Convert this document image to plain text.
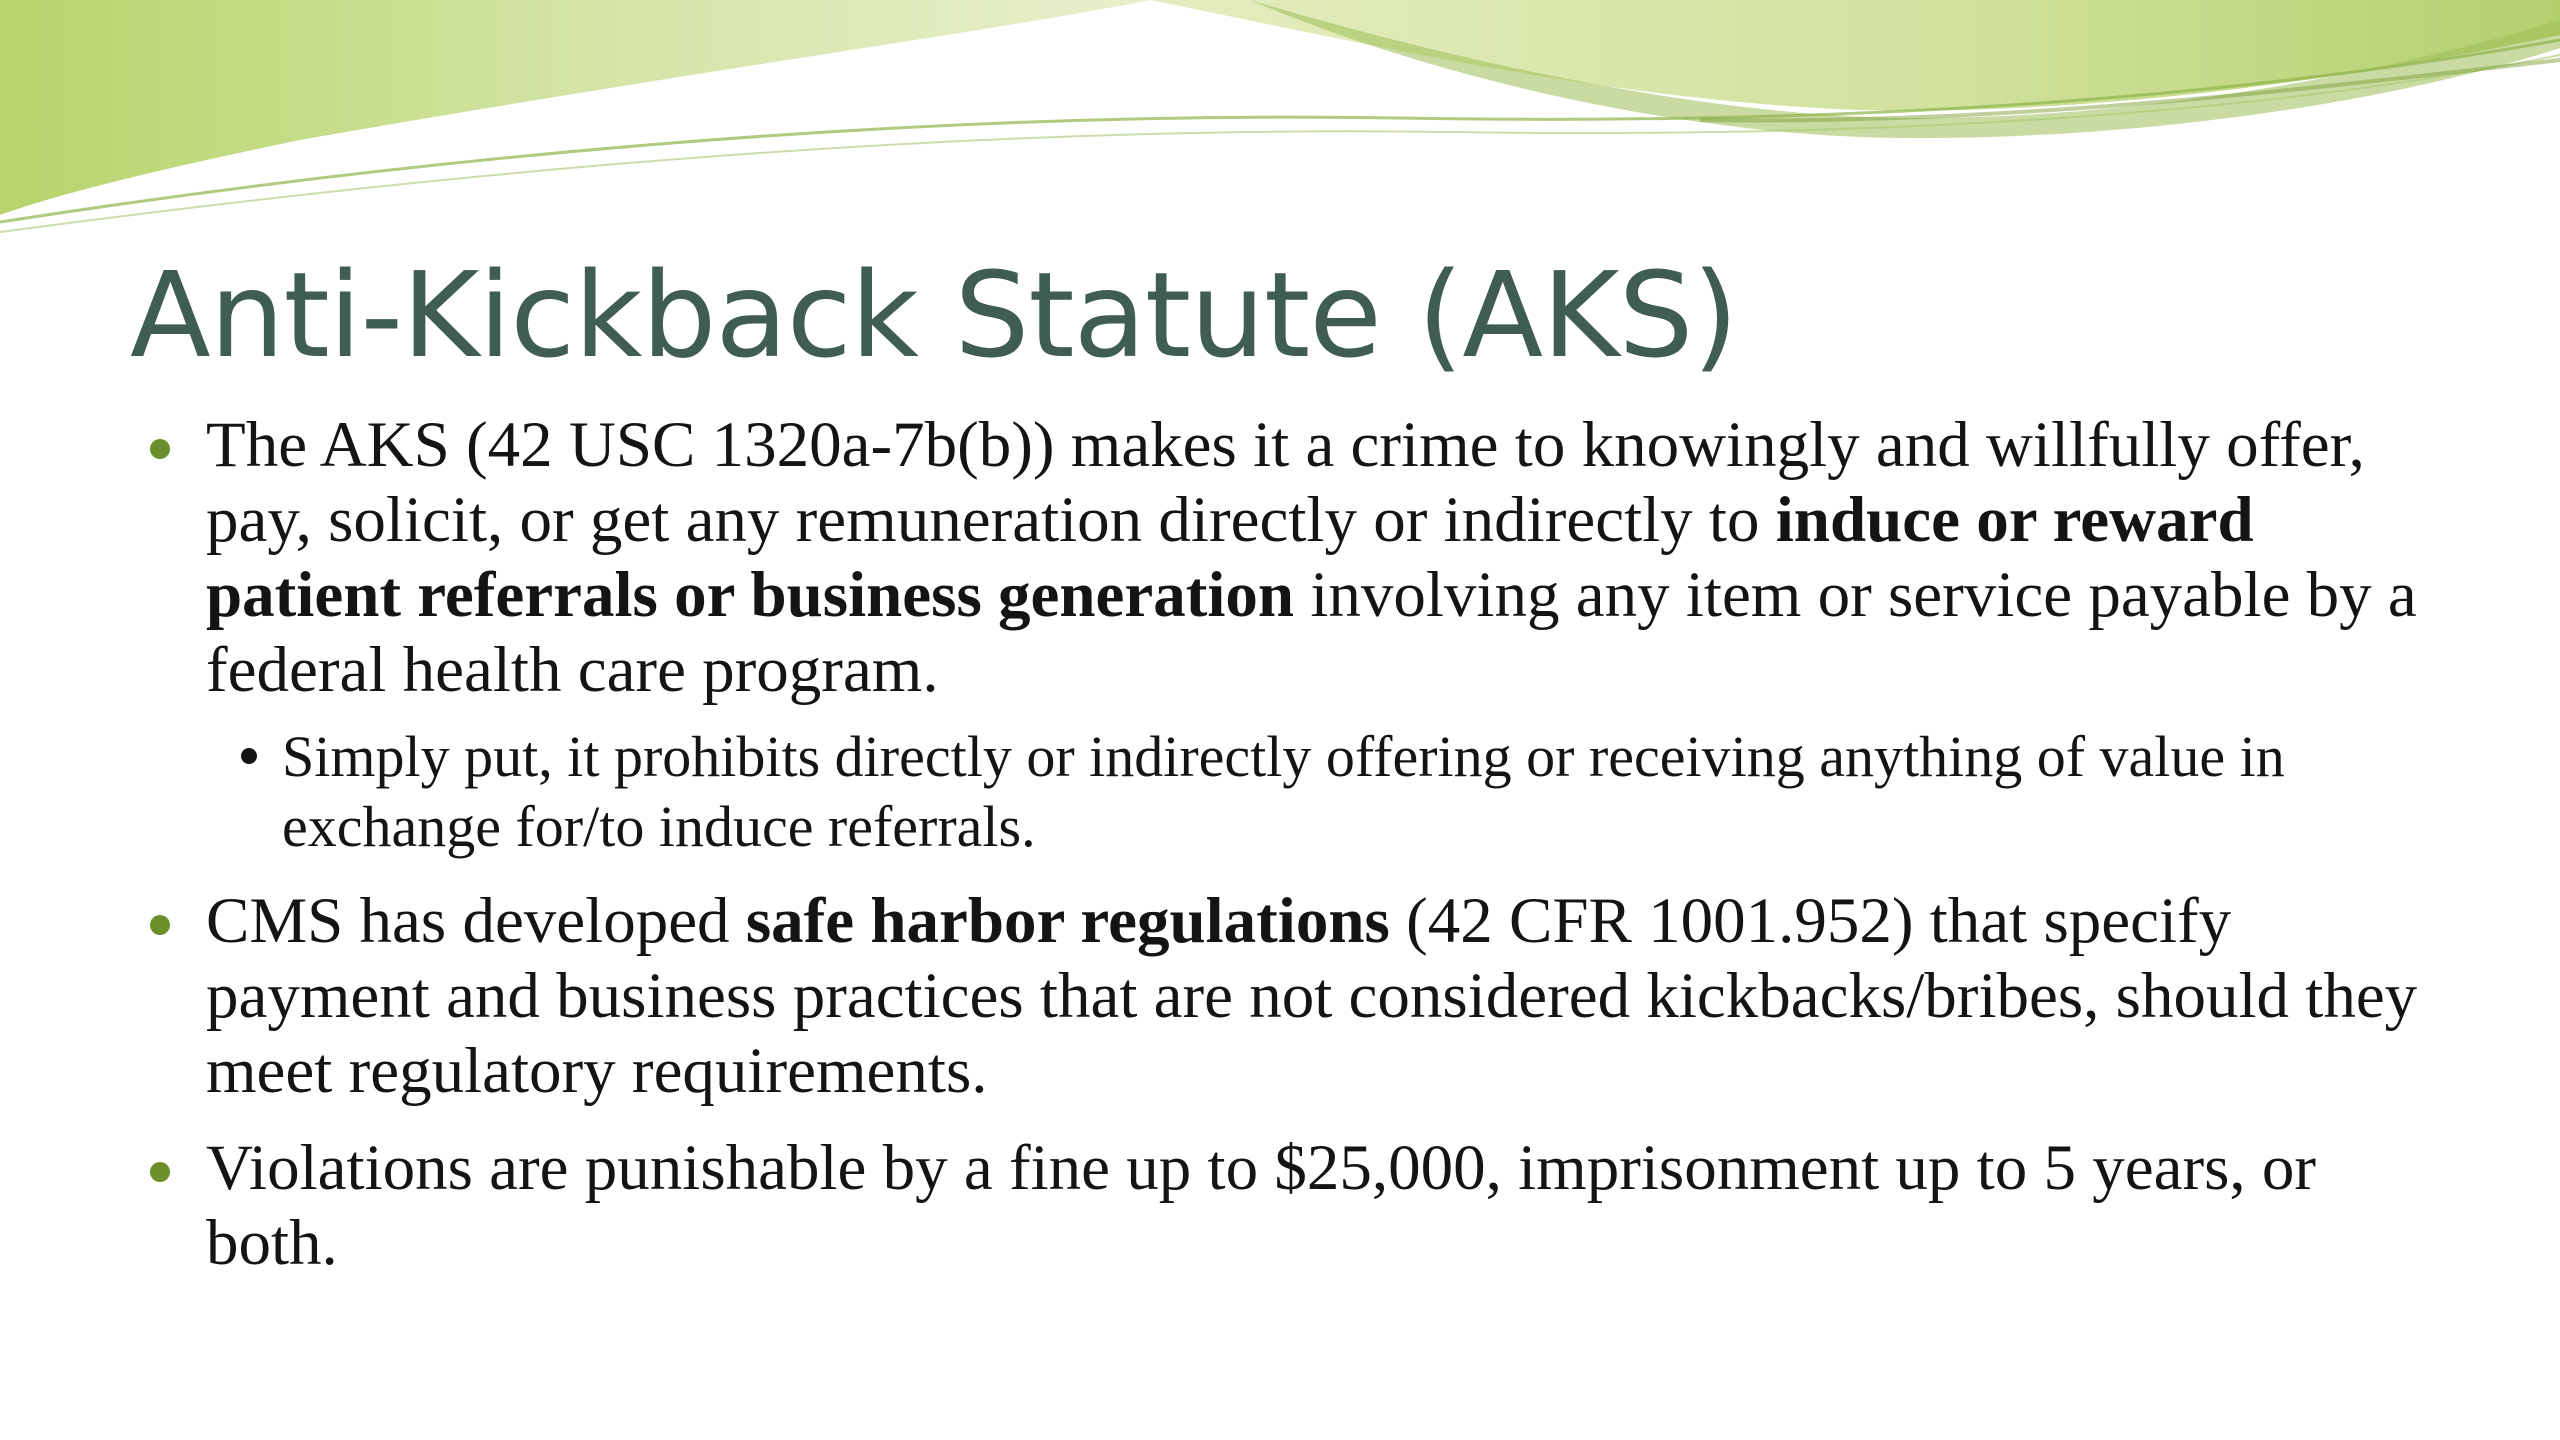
Anti-Kickback Statute (AKS)
The AKS (42 USC 1320a-7b(b)) makes it a crime to knowingly and willfully offer, pay, solicit, or get any remuneration directly or indirectly to induce or reward patient referrals or business generation involving any item or service payable by a federal health care program.
Simply put, it prohibits directly or indirectly offering or receiving anything of value in exchange for/to induce referrals.
CMS has developed safe harbor regulations (42 CFR 1001.952) that specify payment and business practices that are not considered kickbacks/bribes, should they meet regulatory requirements.
Violations are punishable by a fine up to $25,000, imprisonment up to 5 years, or both.
